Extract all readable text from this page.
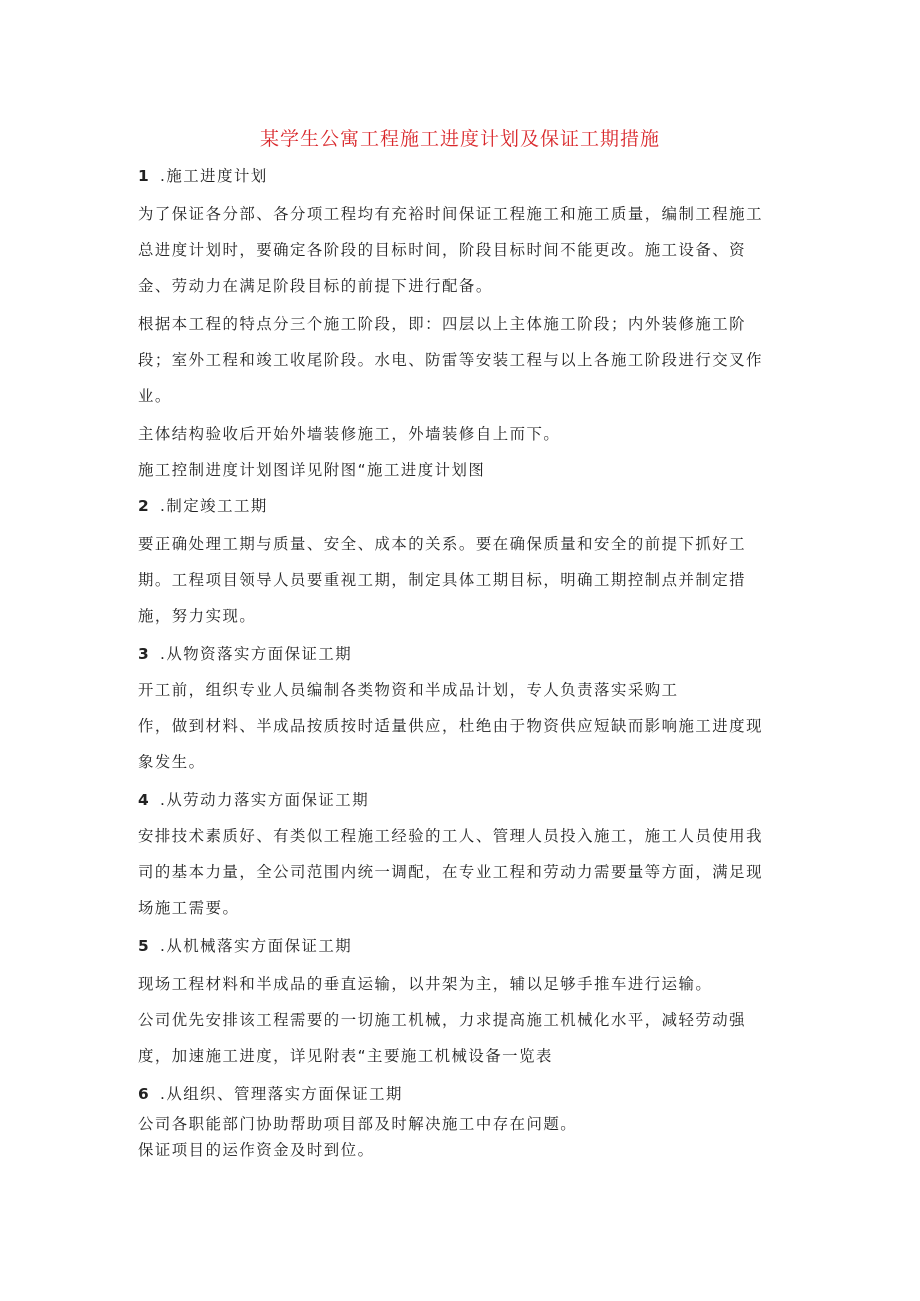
某学生公寓工程施工进度计划及保证工期措施
1 .施工进度计划
为了保证各分部、各分项工程均有充裕时间保证工程施工和施工质量，编制工程施工
总进度计划时，要确定各阶段的目标时间，阶段目标时间不能更改。施工设备、资
金、劳动力在满足阶段目标的前提下进行配备。
根据本工程的特点分三个施工阶段，即：四层以上主体施工阶段；内外装修施工阶
段；室外工程和竣工收尾阶段。水电、防雷等安装工程与以上各施工阶段进行交叉作
业。
主体结构验收后开始外墙装修施工，外墙装修自上而下。
施工控制进度计划图详见附图“施工进度计划图
2 .制定竣工工期
要正确处理工期与质量、安全、成本的关系。要在确保质量和安全的前提下抓好工
期。工程项目领导人员要重视工期，制定具体工期目标，明确工期控制点并制定措
施，努力实现。
3 .从物资落实方面保证工期
开工前，组织专业人员编制各类物资和半成品计划，专人负责落实采购工
作，做到材料、半成品按质按时适量供应，杜绝由于物资供应短缺而影响施工进度现
象发生。
4 .从劳动力落实方面保证工期
安排技术素质好、有类似工程施工经验的工人、管理人员投入施工，施工人员使用我
司的基本力量，全公司范围内统一调配，在专业工程和劳动力需要量等方面，满足现
场施工需要。
5 .从机械落实方面保证工期
现场工程材料和半成品的垂直运输，以井架为主，辅以足够手推车进行运输。
公司优先安排该工程需要的一切施工机械，力求提高施工机械化水平，减轻劳动强
度，加速施工进度，详见附表“主要施工机械设备一览表
6 .从组织、管理落实方面保证工期
公司各职能部门协助帮助项目部及时解决施工中存在问题。
保证项目的运作资金及时到位。
